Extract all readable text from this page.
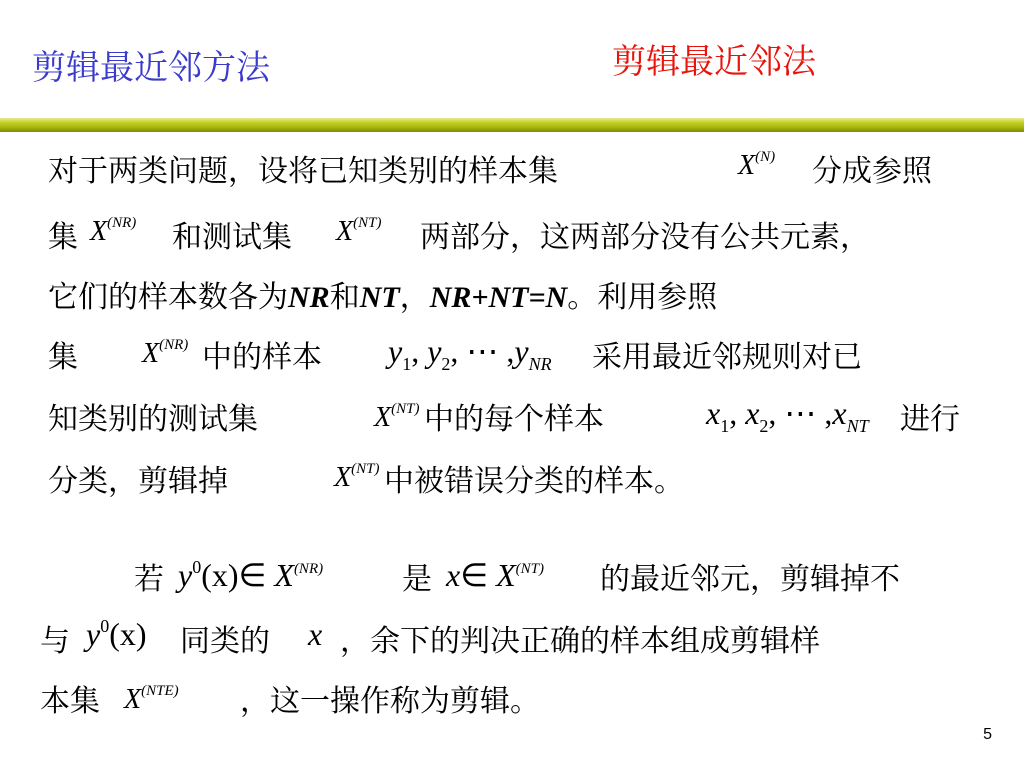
剪辑最近邻方法	剪辑最近邻法
对于两类问题，设将已知类别的样本集	$X^{(N)}$ 分成参照
集 $X^{(NR)}$ 和测试集 $X^{(NT)}$ 两部分，这两部分没有公共元素，
它们的样本数各为NR和NT，NR+NT=N。利用参照
集 $X^{(NR)}$ 中的样本 $y_1$, $y_2$, ⋯ $,y_{NR}$ 采用最近邻规则对已
知类别的测试集	$X^{(NT)}$ 中的每个样本	$x_1$, $x_2$, ⋯ $,x_{NT}$ 进行
分类，剪辑掉	$X^{(NT)}$ 中被错误分类的样本。
若 $y^0(x)\in$ $X^{(NR)}$	是 x∈ $X^{(NT)}$ 的最近邻元，剪辑掉不
与 $y^0(x)$ 同类的 x ，余下的判决正确的样本组成剪辑样
本集 $X^{(NTE)}$ ，这一操作称为剪辑。
5
